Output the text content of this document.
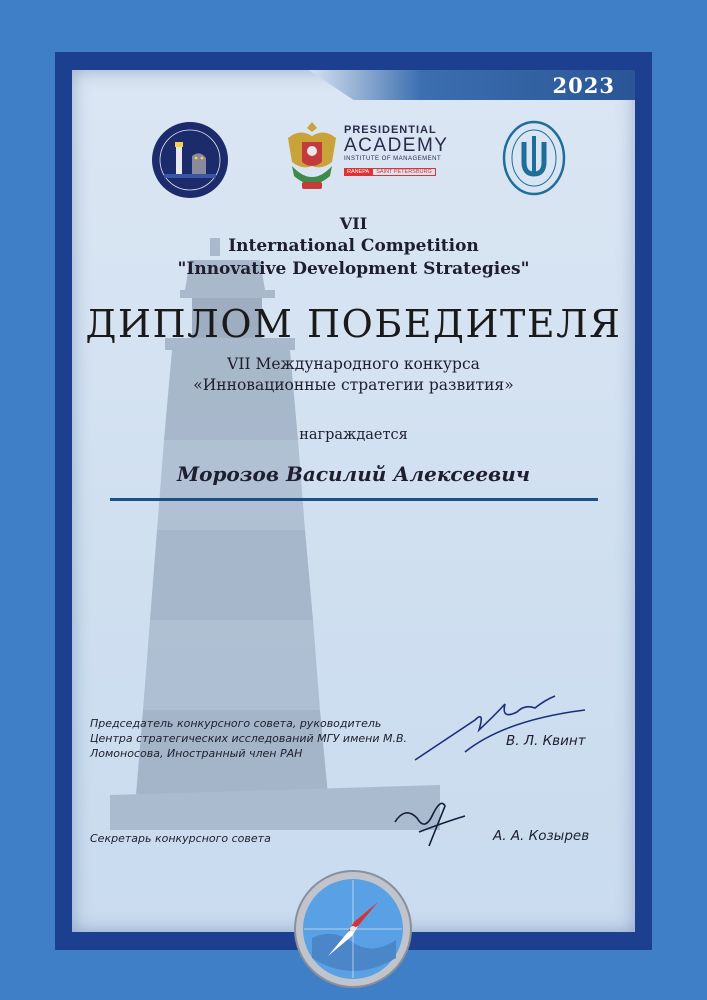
2023
PRESIDENTIAL
ACADEMY
INSTITUTE OF MANAGEMENT
RANEPA	SAINT PETERSBURG
VII
International Competition
"Innovative Development Strategies"
ДИПЛОМ ПОБЕДИТЕЛЯ
VII Международного конкурса
«Инновационные стратегии развития»
награждается
Морозов Василий Алексеевич
Председатель конкурсного совета, руководитель Центра стратегических исследований МГУ имени М.В. Ломоносова, Иностранный член РАН
В. Л. Квинт
Секретарь конкурсного совета	А. А. Козырев
